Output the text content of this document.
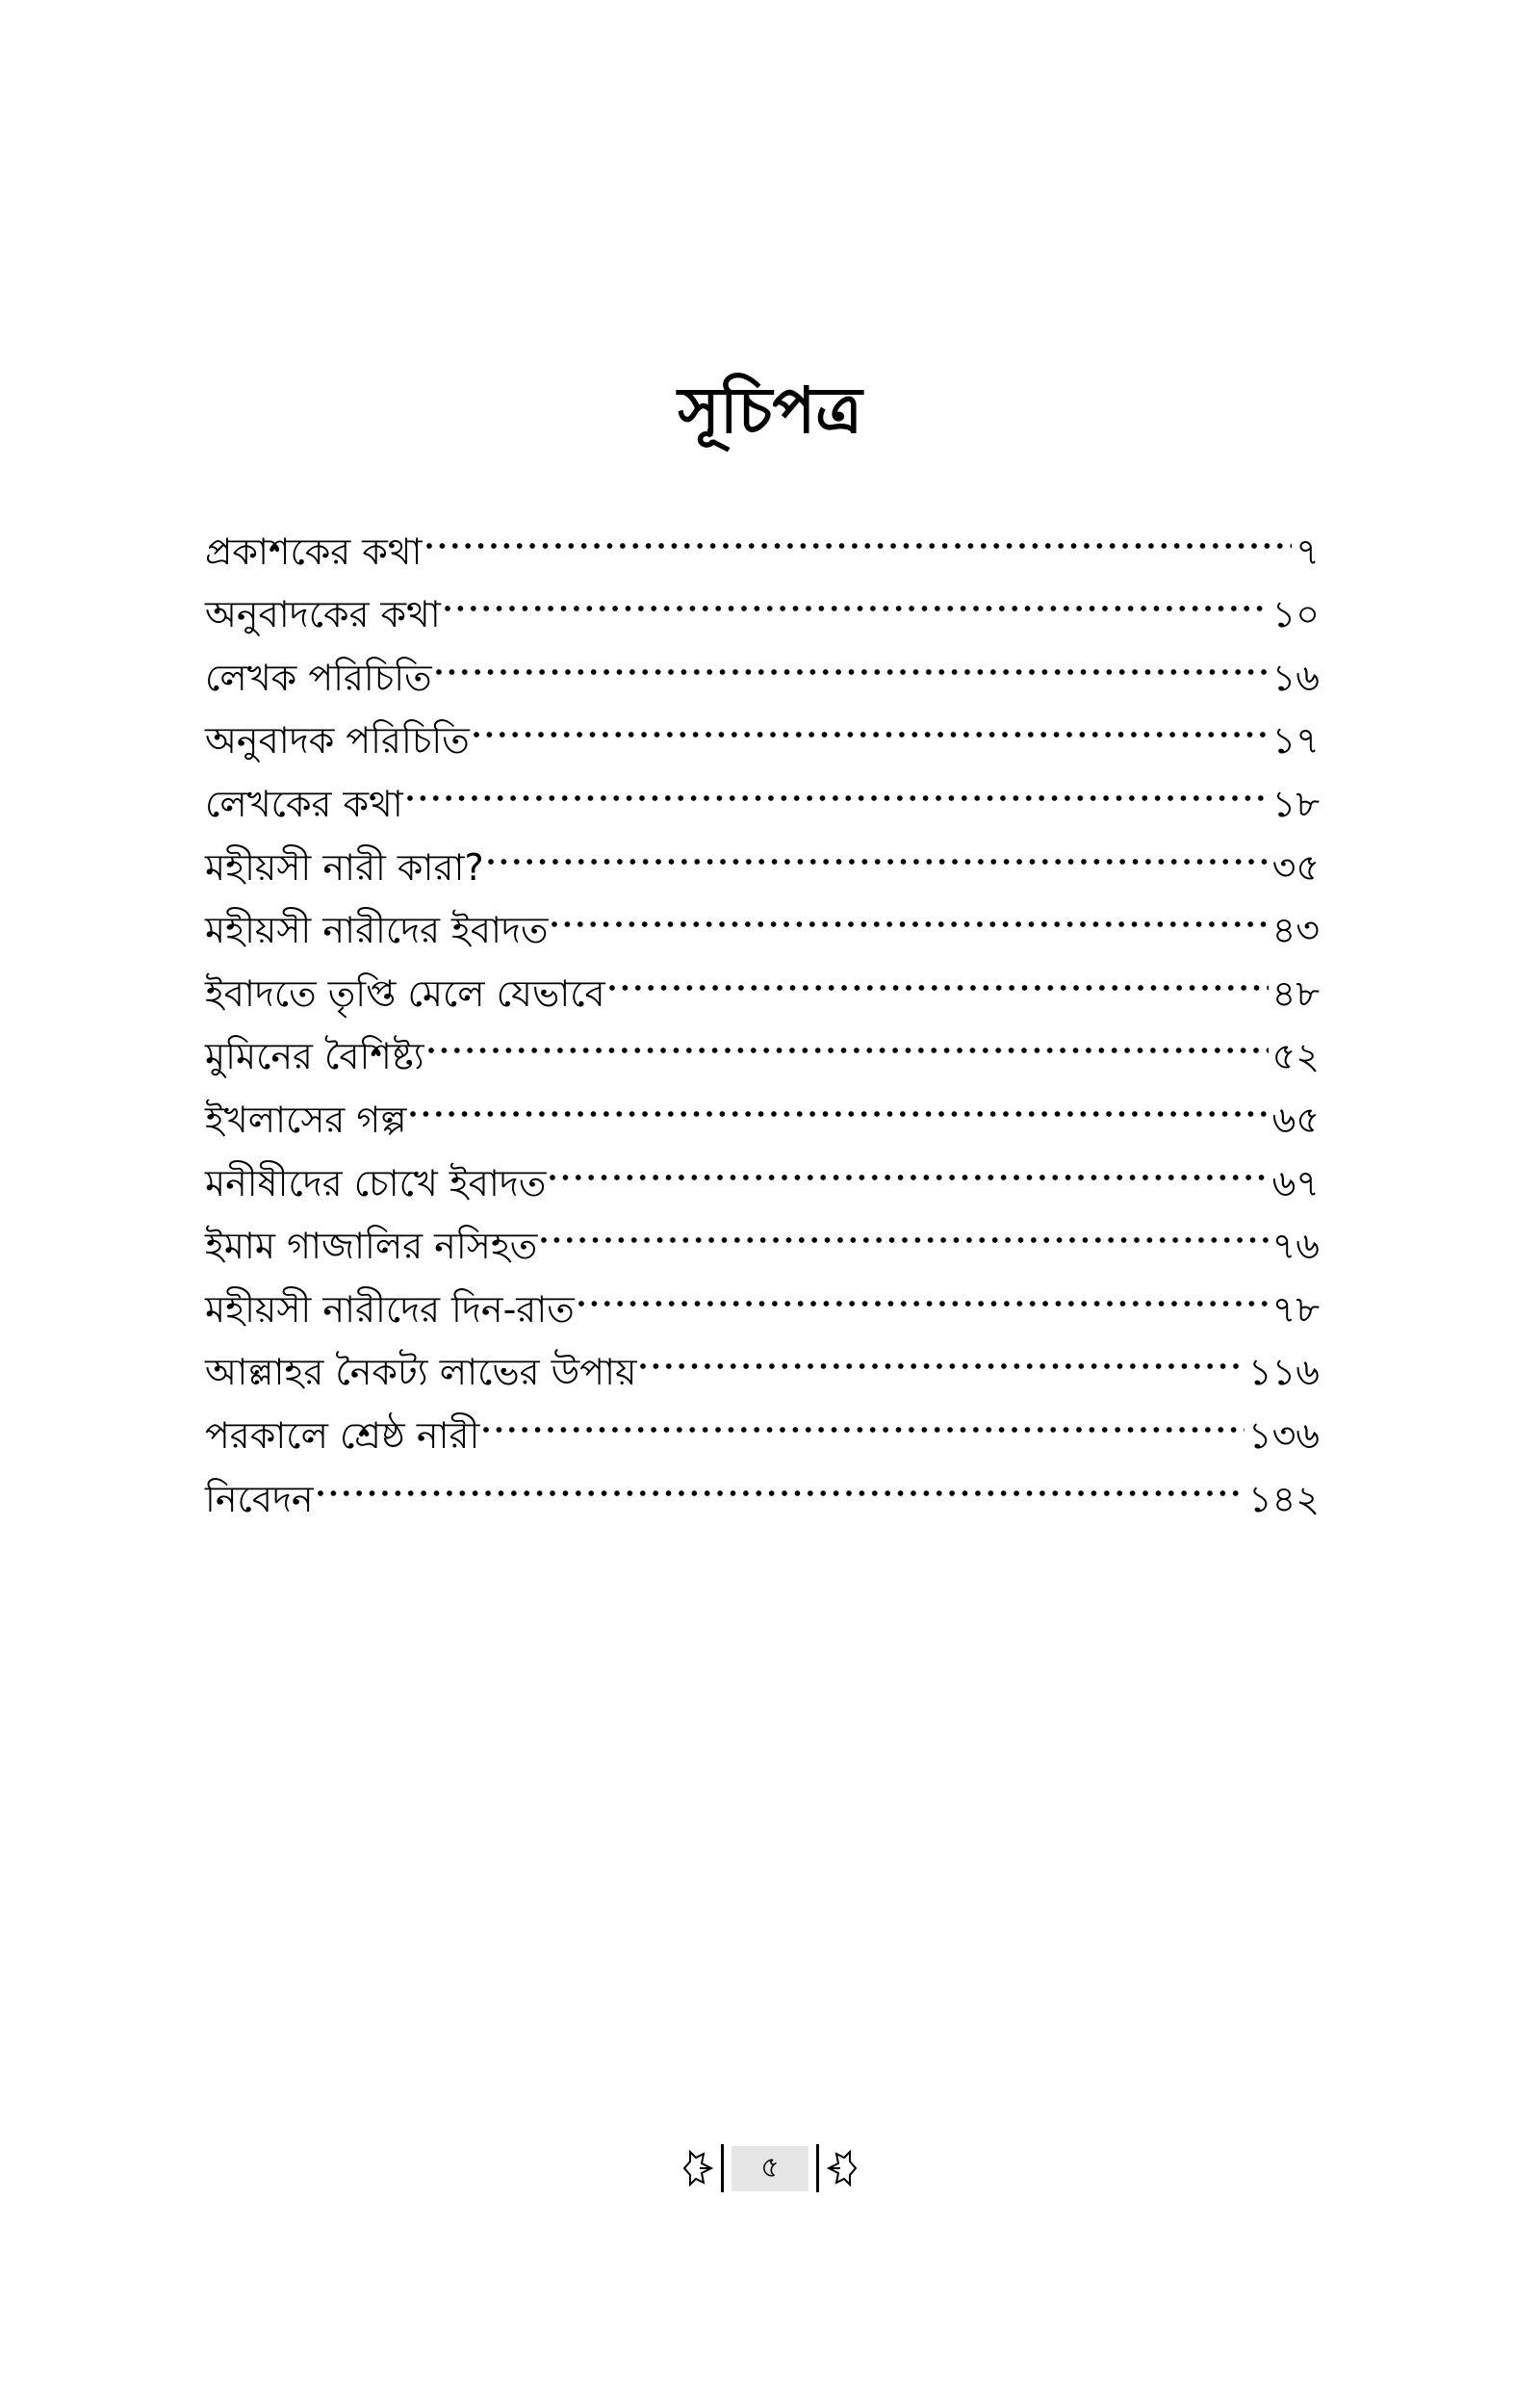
সূচিপত্র
প্রকাশকের কথা	৭
অনুবাদকের কথা	১০
লেখক পরিচিতি	১৬
অনুবাদক পরিচিতি	১৭
লেখকের কথা	১৮
মহীয়সী নারী কারা?	৩৫
মহীয়সী নারীদের ইবাদত	৪৩
ইবাদতে তৃপ্তি মেলে যেভাবে	৪৮
মুমিনের বৈশিষ্ট্য	৫২
ইখলাসের গল্প	৬৫
মনীষীদের চোখে ইবাদত	৬৭
ইমাম গাজালির নসিহত	৭৬
মহীয়সী নারীদের দিন-রাত	৭৮
আল্লাহর নৈকট্য লাভের উপায়	১১৬
পরকালে শ্রেষ্ঠ নারী	১৩৬
নিবেদন	১৪২
৫
